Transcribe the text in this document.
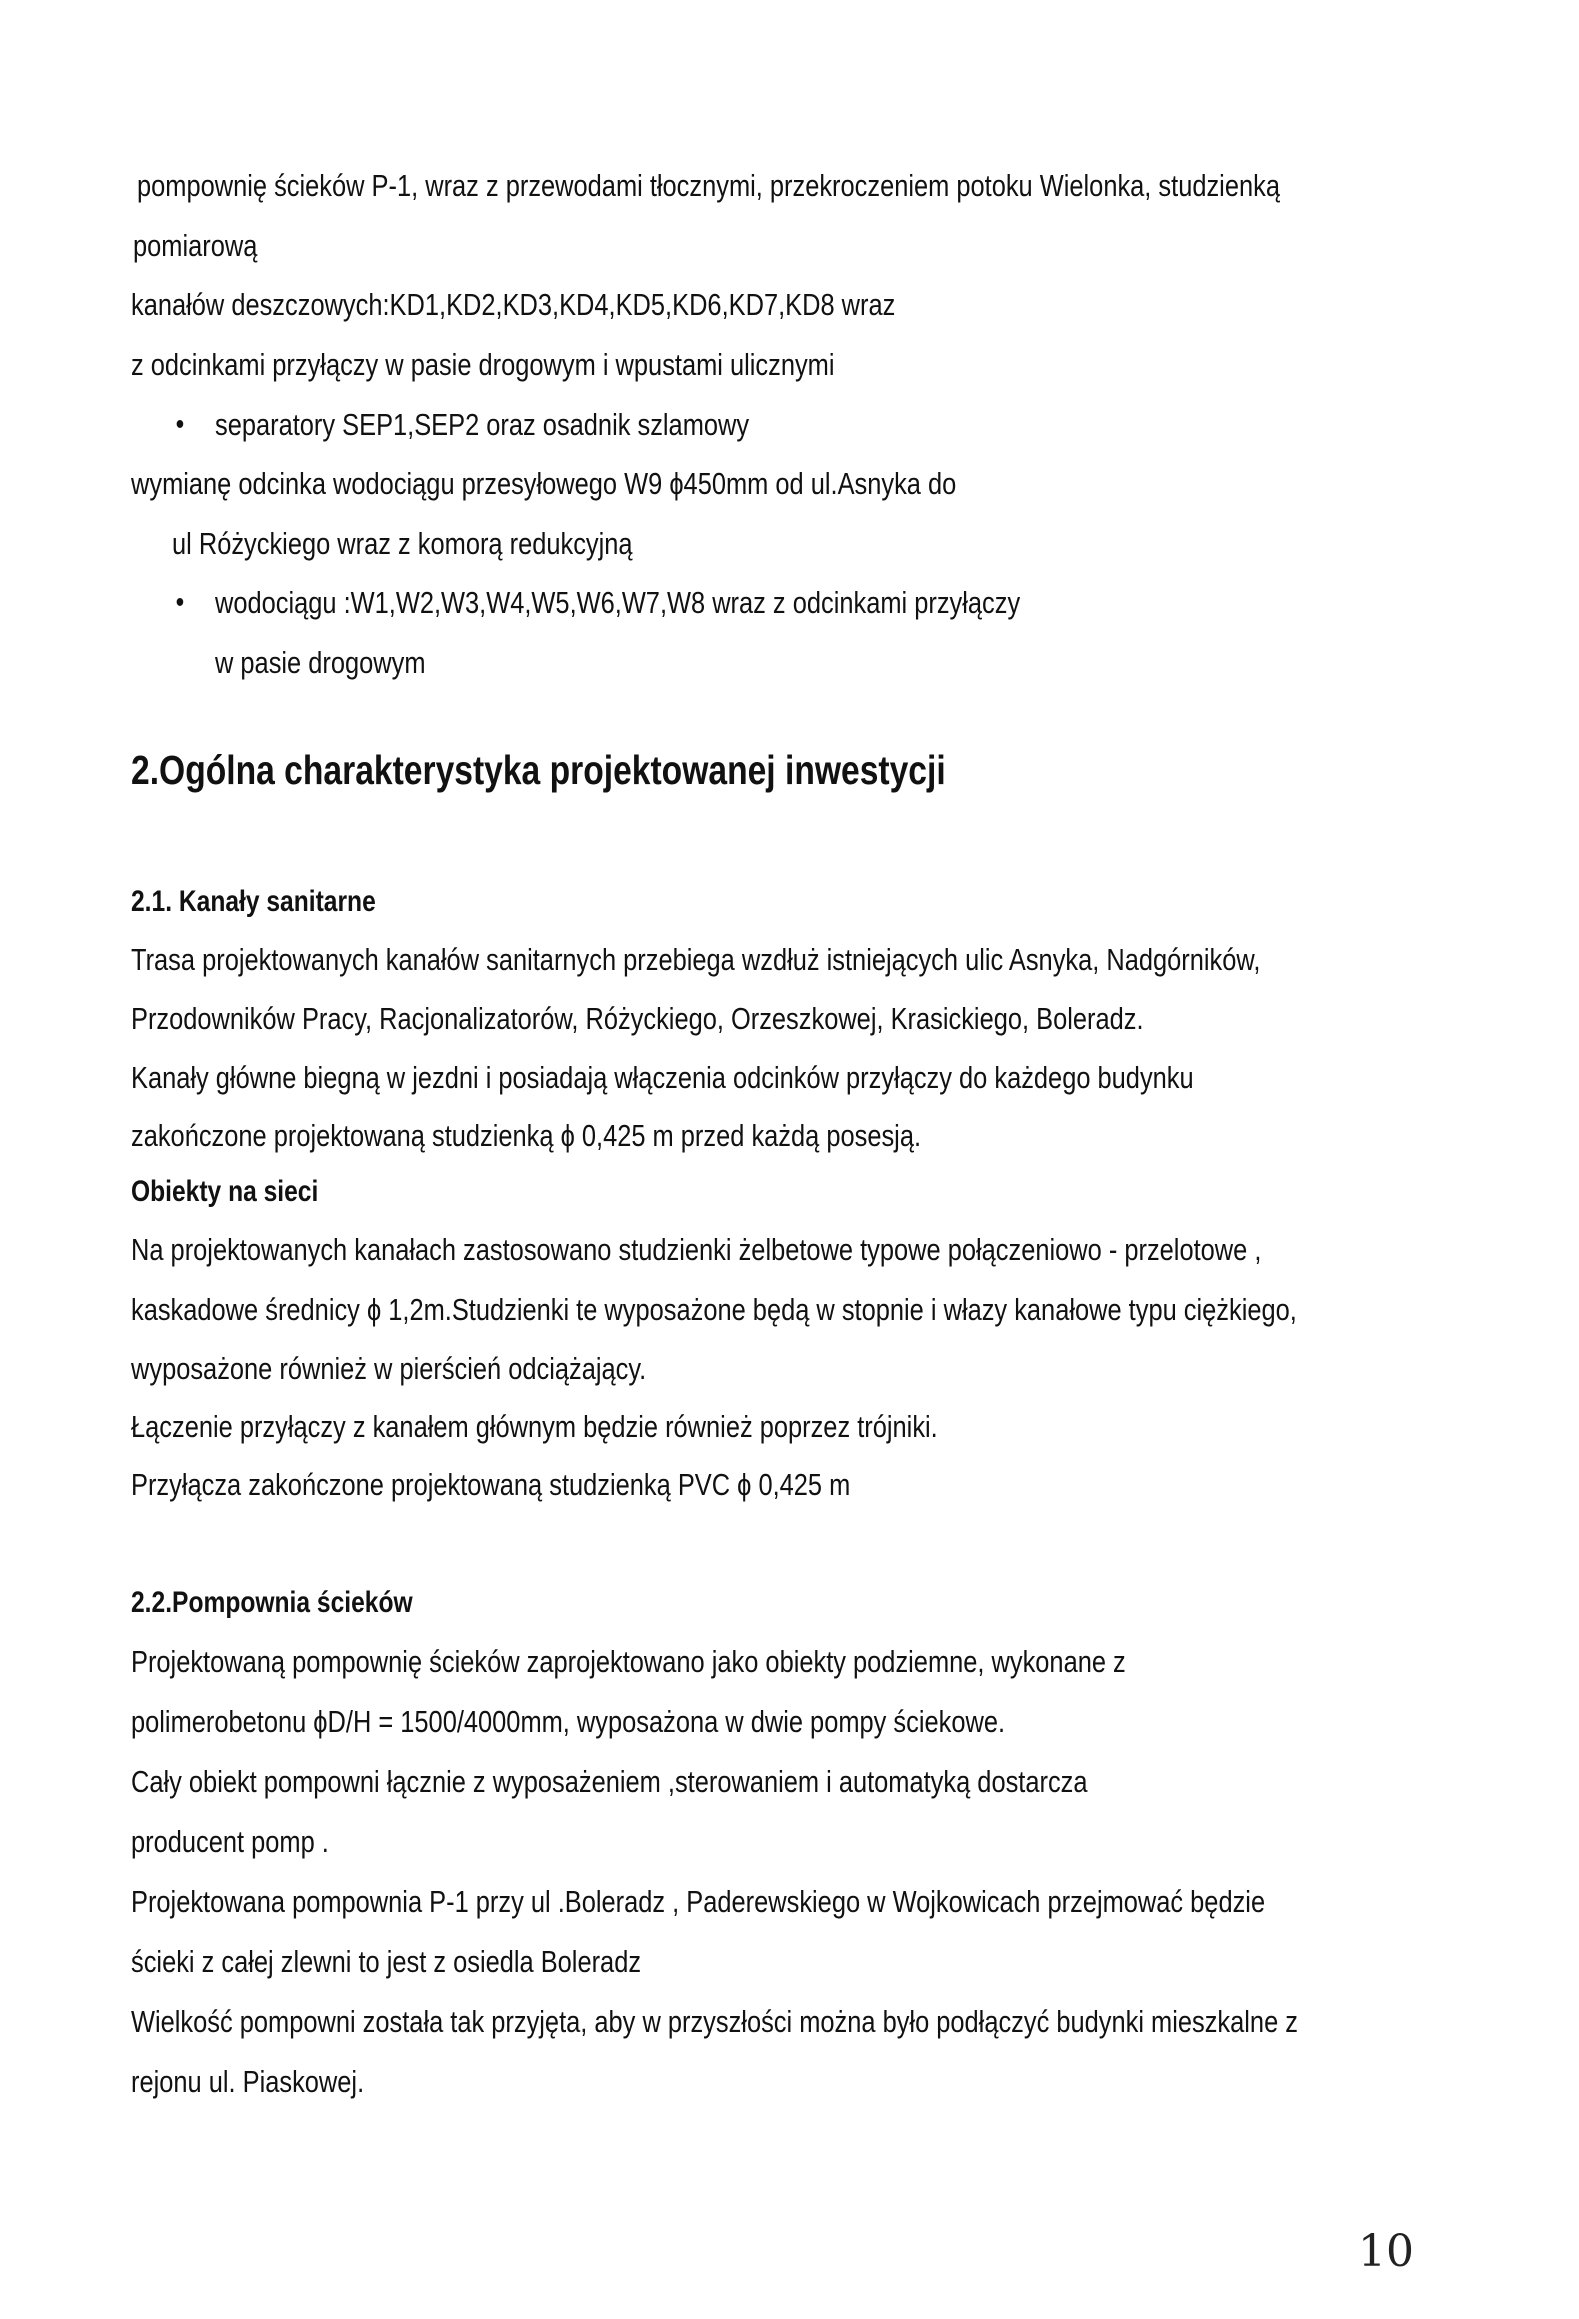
pompownię ścieków P-1, wraz z przewodami tłocznymi, przekroczeniem potoku Wielonka, studzienką
pomiarową
kanałów deszczowych:KD1,KD2,KD3,KD4,KD5,KD6,KD7,KD8 wraz
z odcinkami przyłączy w pasie drogowym i wpustami ulicznymi
• separatory SEP1,SEP2 oraz osadnik szlamowy
wymianę odcinka wodociągu przesyłowego W9 ϕ450mm od ul.Asnyka do
ul Różyckiego wraz z komorą redukcyjną
• wodociągu :W1,W2,W3,W4,W5,W6,W7,W8 wraz z odcinkami przyłączy
w pasie drogowym
2.Ogólna charakterystyka projektowanej inwestycji
2.1. Kanały sanitarne
Trasa projektowanych kanałów sanitarnych przebiega wzdłuż istniejących ulic Asnyka, Nadgórników,
Przodowników Pracy, Racjonalizatorów, Różyckiego, Orzeszkowej, Krasickiego, Boleradz.
Kanały główne biegną w jezdni i posiadają włączenia odcinków przyłączy do każdego budynku
zakończone projektowaną studzienką ϕ 0,425 m przed każdą posesją.
Obiekty na sieci
Na projektowanych kanałach zastosowano studzienki żelbetowe typowe połączeniowo - przelotowe ,
kaskadowe średnicy ϕ 1,2m.Studzienki te wyposażone będą w stopnie i włazy kanałowe typu ciężkiego,
wyposażone również w pierścień odciążający.
Łączenie przyłączy z kanałem głównym będzie również poprzez trójniki.
Przyłącza zakończone projektowaną studzienką PVC ϕ 0,425 m
2.2.Pompownia ścieków
Projektowaną pompownię ścieków zaprojektowano jako obiekty podziemne, wykonane z
polimerobetonu ϕD/H = 1500/4000mm, wyposażona w dwie pompy ściekowe.
Cały obiekt pompowni łącznie z wyposażeniem ,sterowaniem i automatyką dostarcza
producent pomp .
Projektowana pompownia P-1 przy ul .Boleradz , Paderewskiego w Wojkowicach przejmować będzie
ścieki z całej zlewni to jest z osiedla Boleradz
Wielkość pompowni została tak przyjęta, aby w przyszłości można było podłączyć budynki mieszkalne z
rejonu ul. Piaskowej.
10
